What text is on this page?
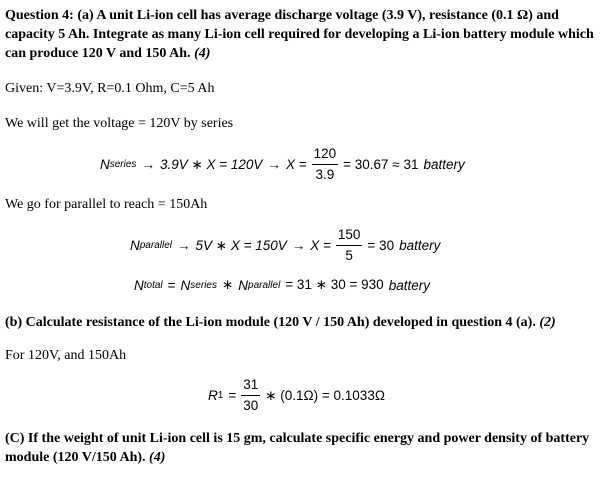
Question 4: (a) A unit Li-ion cell has average discharge voltage (3.9 V), resistance (0.1 Ω) and capacity 5 Ah. Integrate as many Li-ion cell required for developing a Li-ion battery module which can produce 120 V and 150 Ah. (4)
Given: V=3.9V, R=0.1 Ohm, C=5 Ah
We will get the voltage = 120V by series
N series → 3.9V ∗ $X = 120V \to X = \frac{120}{3.9} = 30.67 \approx 31$ battery
We go for parallel to reach = 150Ah
N parallel → 5V ∗ $X = 150V \to X = \frac{150}{5} = 30$ battery
N total = N series ∗ N parallel = 31 ∗ 30 = 930 battery
(b) Calculate resistance of the Li-ion module (120 V / 150 Ah) developed in question 4 (a). (2)
For 120V, and 150Ah
R $1 = \frac{31}{30}$ ∗ (0.1Ω) = 0.1033Ω
(C) If the weight of unit Li-ion cell is 15 gm, calculate specific energy and power density of battery module (120 V/150 Ah). (4)
